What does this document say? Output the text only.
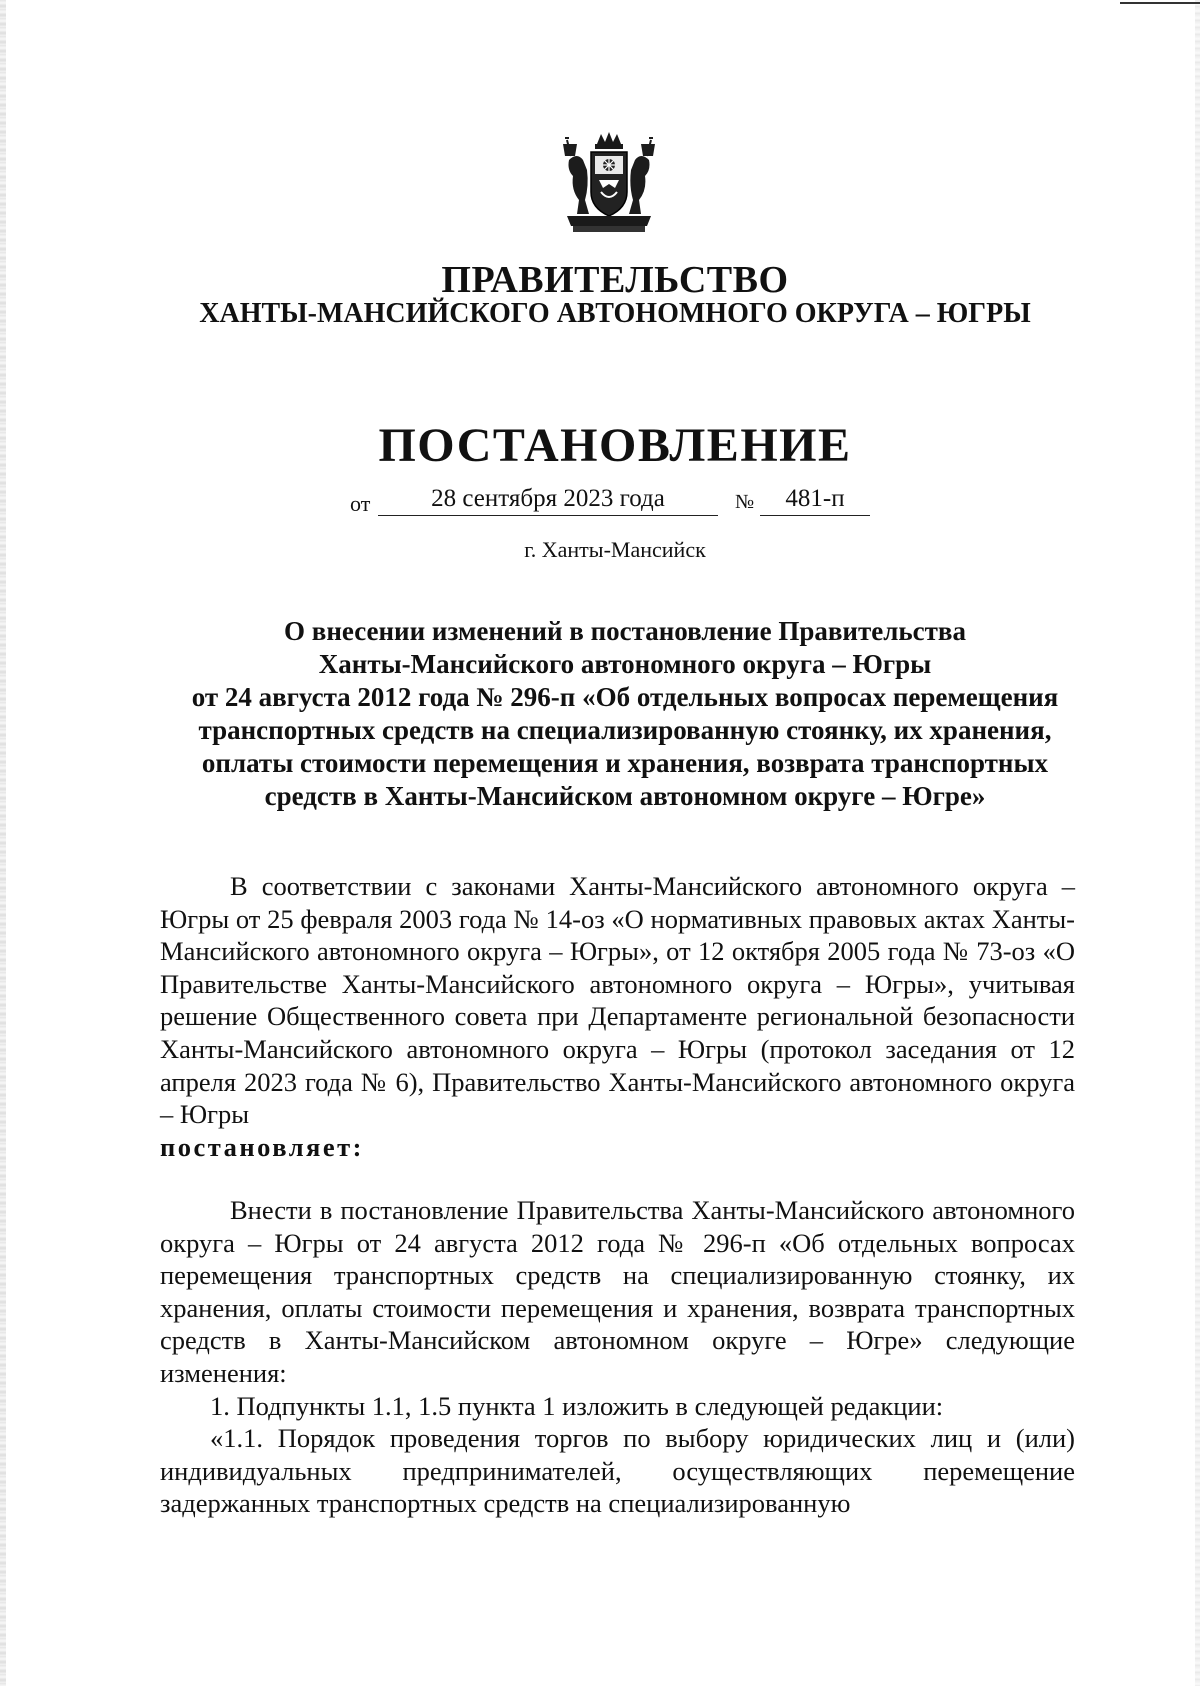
ПРАВИТЕЛЬСТВО
ХАНТЫ-МАНСИЙСКОГО АВТОНОМНОГО ОКРУГА – ЮГРЫ
ПОСТАНОВЛЕНИЕ
от	28 сентября 2023 года	№	481-п
г. Ханты-Мансийск
О внесении изменений в постановление Правительства
Ханты-Мансийского автономного округа – Югры
от 24 августа 2012 года № 296-п «Об отдельных вопросах перемещения
транспортных средств на специализированную стоянку, их хранения,
оплаты стоимости перемещения и хранения, возврата транспортных
средств в Ханты-Мансийском автономном округе – Югре»

В соответствии с законами Ханты-Мансийского автономного округа – Югры от 25 февраля 2003 года № 14-оз «О нормативных правовых актах Ханты-Мансийского автономного округа – Югры», от 12 октября 2005 года № 73-оз «О Правительстве Ханты-Мансийского автономного округа – Югры», учитывая решение Общественного совета при Департаменте региональной безопасности Ханты-Мансийского автономного округа – Югры (протокол заседания от 12 апреля 2023 года № 6), Правительство Ханты-Мансийского автономного округа – Югры
постановляет:

Внести в постановление Правительства Ханты-Мансийского автономного округа – Югры от 24 августа 2012 года № 296-п «Об отдельных вопросах перемещения транспортных средств на специализированную стоянку, их хранения, оплаты стоимости перемещения и хранения, возврата транспортных средств в Ханты-Мансийском автономном округе – Югре» следующие изменения:

1. Подпункты 1.1, 1.5 пункта 1 изложить в следующей редакции:

«1.1. Порядок проведения торгов по выбору юридических лиц и (или) индивидуальных предпринимателей, осуществляющих перемещение задержанных транспортных средств на специализированную
